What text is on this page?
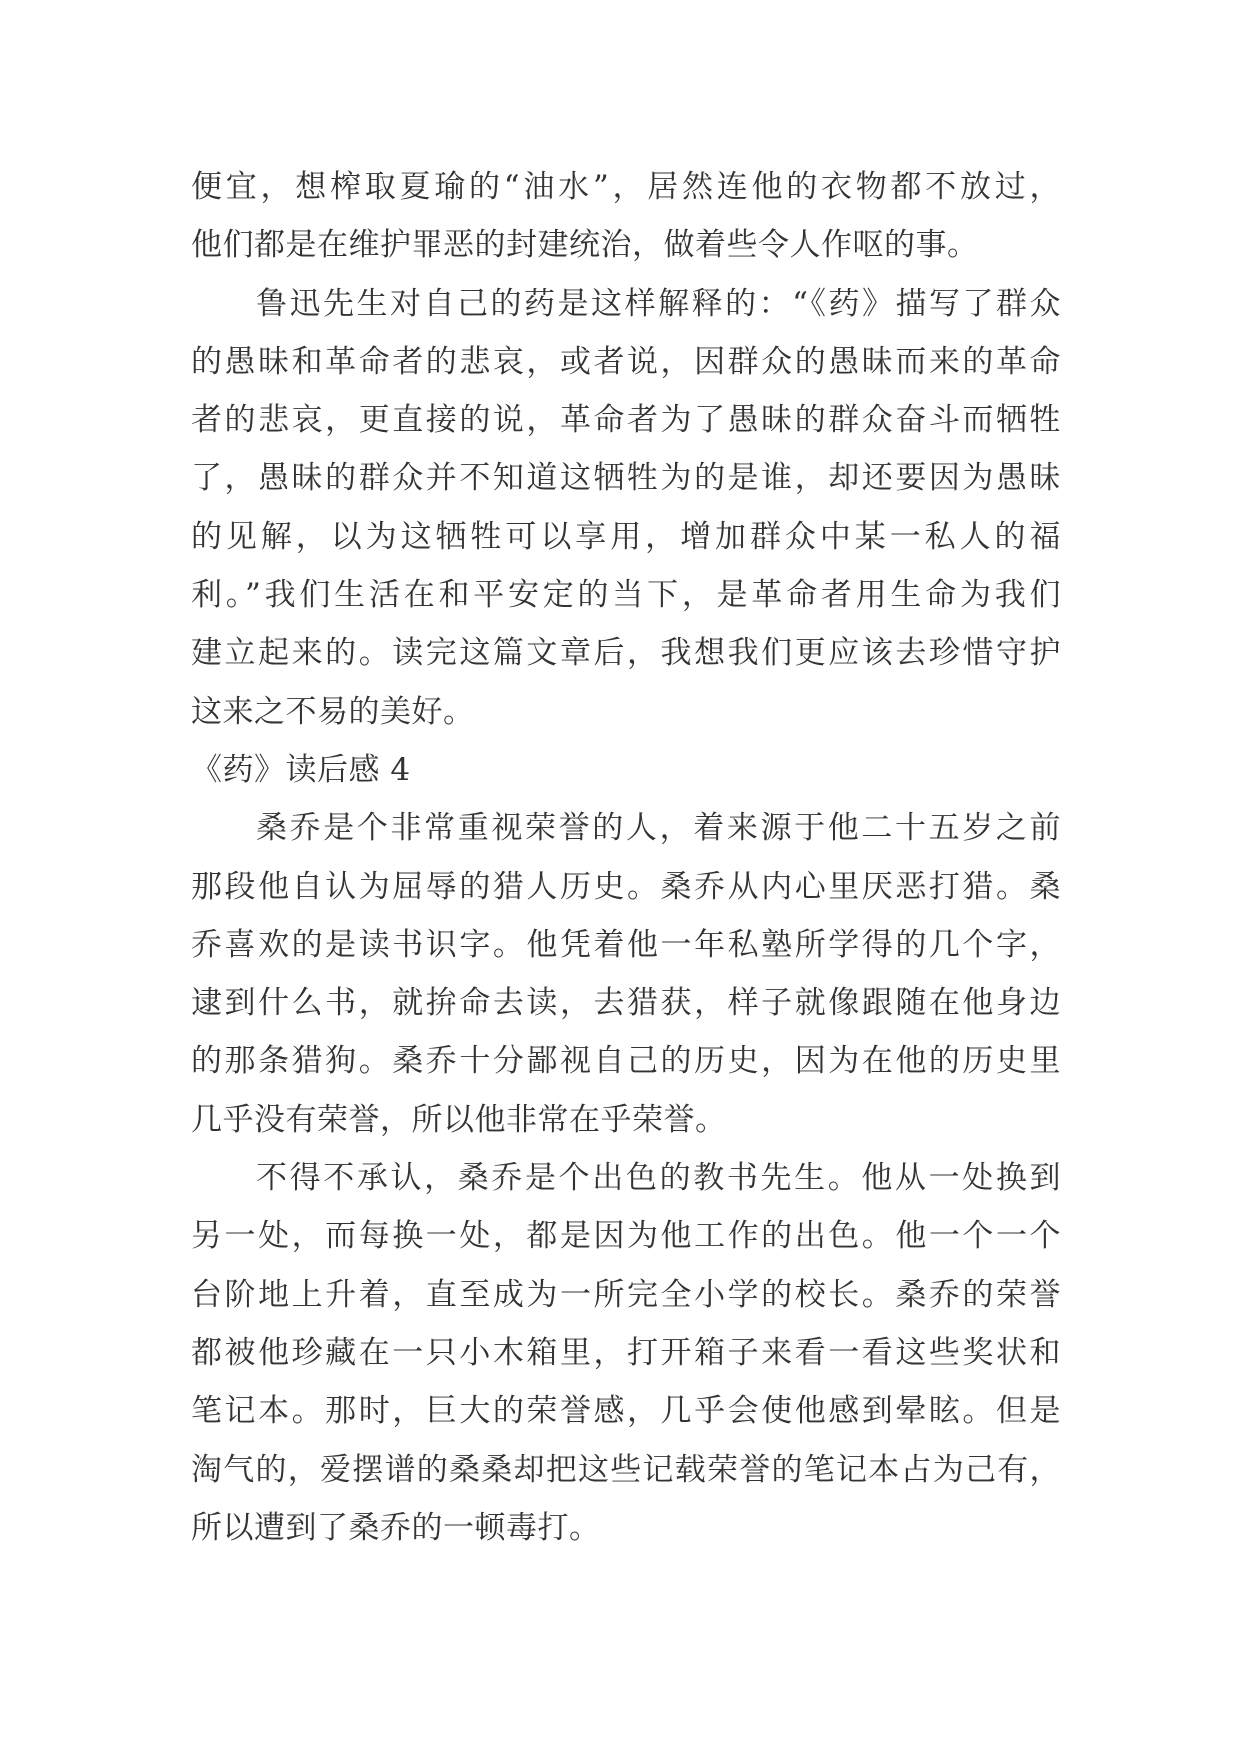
便宜，想榨取夏瑜的“油水”，居然连他的衣物都不放过，
他们都是在维护罪恶的封建统治，做着些令人作呕的事。
鲁迅先生对自己的药是这样解释的：“《药》描写了群众
的愚昧和革命者的悲哀，或者说，因群众的愚昧而来的革命
者的悲哀，更直接的说，革命者为了愚昧的群众奋斗而牺牲
了，愚昧的群众并不知道这牺牲为的是谁，却还要因为愚昧
的见解，以为这牺牲可以享用，增加群众中某一私人的福
利。”我们生活在和平安定的当下，是革命者用生命为我们
建立起来的。读完这篇文章后，我想我们更应该去珍惜守护
这来之不易的美好。
《药》读后感 4
桑乔是个非常重视荣誉的人，着来源于他二十五岁之前
那段他自认为屈辱的猎人历史。桑乔从内心里厌恶打猎。桑
乔喜欢的是读书识字。他凭着他一年私塾所学得的几个字，
逮到什么书，就拚命去读，去猎获，样子就像跟随在他身边
的那条猎狗。桑乔十分鄙视自己的历史，因为在他的历史里
几乎没有荣誉，所以他非常在乎荣誉。
不得不承认，桑乔是个出色的教书先生。他从一处换到
另一处，而每换一处，都是因为他工作的出色。他一个一个
台阶地上升着，直至成为一所完全小学的校长。桑乔的荣誉
都被他珍藏在一只小木箱里，打开箱子来看一看这些奖状和
笔记本。那时，巨大的荣誉感，几乎会使他感到晕眩。但是
淘气的，爱摆谱的桑桑却把这些记载荣誉的笔记本占为己有，
所以遭到了桑乔的一顿毒打。
